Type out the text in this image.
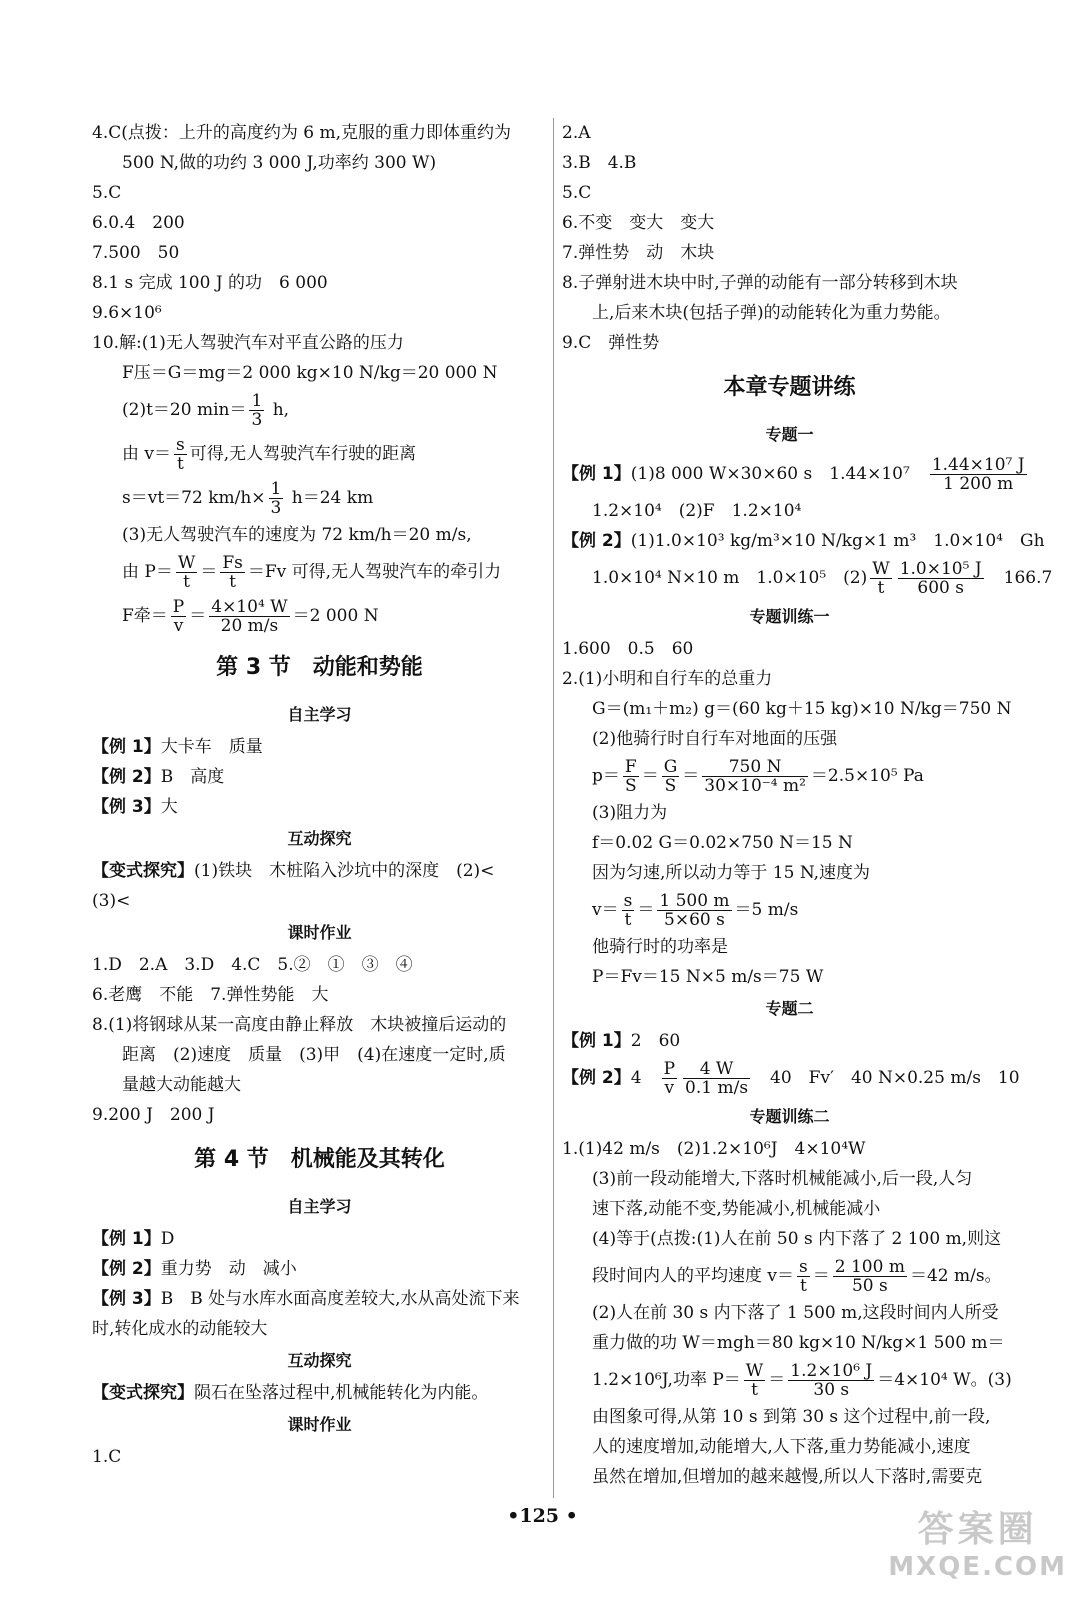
4.C(点拨：上升的高度约为 6 m,克服的重力即体重约为
500 N,做的功约 3 000 J,功率约 300 W)
5.C
6.0.4　200
7.500　50
8.1 s 完成 100 J 的功　6 000
9.6×10⁶
10.解:(1)无人驾驶汽车对平直公路的压力
F压＝G＝mg＝2 000 kg×10 N/kg＝20 000 N
(2)t＝20 $\min= \frac{1}{3} h$,
由 $v= \frac{s}{t}$ 可得,无人驾驶汽车行驶的距离
s＝vt＝72 $km/h\times \frac{1}{3} h=24$ km
(3)无人驾驶汽车的速度为 72 km/h＝20 m/s,
由 $P= \frac{W}{t} = \frac{Fs}{t} =Fv$ 可得,无人驾驶汽车的牵引力
F牵＝ $\frac{P}{v} = \frac{\text{4×10⁴ W}}{20 m/s} =2$ 000 N
第 3 节　动能和势能
自主学习
【例 1】大卡车　质量
【例 2】B　高度
【例 3】大
互动探究
【变式探究】(1)铁块　木桩陷入沙坑中的深度　(2)<
(3)<
课时作业
1.D　2.A　3.D　4.C　5.②　①　③　④
6.老鹰　不能　7.弹性势能　大
8.(1)将钢球从某一高度由静止释放　木块被撞后运动的
距离　(2)速度　质量　(3)甲　(4)在速度一定时,质
量越大动能越大
9.200 J　200 J
第 4 节　机械能及其转化
自主学习
【例 1】D
【例 2】重力势　动　减小
【例 3】B　B 处与水库水面高度差较大,水从高处流下来
时,转化成水的动能较大
互动探究
【变式探究】陨石在坠落过程中,机械能转化为内能。
课时作业
1.C
2.A
3.B　4.B
5.C
6.不变　变大　变大
7.弹性势　动　木块
8.子弹射进木块中时,子弹的动能有一部分转移到木块
上,后来木块(包括子弹)的动能转化为重力势能。
9.C　弹性势
本章专题讲练
专题一
【例 1】(1)8 000 W×30×60 s　1.44×10⁷　 $\frac{\text{1.44×10⁷ J}}{1 200 m}$
1.2×10⁴　(2)F　1.2×10⁴
【例 2】(1)1.0×10³ kg/m³×10 N/kg×1 m³　1.0×10⁴　Gh
1.0×10⁴ N×10 m　1.0×10⁵　$(2) \frac{W}{t} \frac{\text{1.0×10⁵ J}}{600 s}$ 　166.7
专题训练一
1.600　0.5　60
2.(1)小明和自行车的总重力
G＝(m₁＋m₂) g＝(60 kg＋15 kg)×10 N/kg＝750 N
(2)他骑行时自行车对地面的压强
$p= \frac{F}{S} = \frac{G}{S} = \frac{750 N}{\text{30×10⁻⁴ m²}} =2.5\times 10^5$ Pa
(3)阻力为
f＝0.02 G＝0.02×750 N＝15 N
因为匀速,所以动力等于 15 N,速度为
$v= \frac{s}{t} = \frac{1 500 m}{5\times 60 s} =5$ m/s
他骑行时的功率是
P＝Fv＝15 N×5 m/s＝75 W
专题二
【例 1】2　60
【例 2】4　 $\frac{P}{v} \frac{4 W}{0.1 m/s}$ 　40　Fv′　40 N×0.25 m/s　10
专题训练二
1.(1)42 m/s　(2)1.2×10⁶J　4×10⁴W
(3)前一段动能增大,下落时机械能减小,后一段,人匀
速下落,动能不变,势能减小,机械能减小
(4)等于(点拨:(1)人在前 50 s 内下落了 2 100 m,则这
段时间内人的平均速度 $v= \frac{s}{t} = \frac{2 100 m}{50 s} =42$ m/s。
(2)人在前 30 s 内下落了 1 500 m,这段时间内人所受
重力做的功 W＝mgh＝80 kg×10 N/kg×1 500 m＝
1.2×10⁶J,功率 $P= \frac{W}{t} = \frac{\text{1.2×10⁶ J}}{30 s} =4\times 10^4$ W。(3)
由图象可得,从第 10 s 到第 30 s 这个过程中,前一段,
人的速度增加,动能增大,人下落,重力势能减小,速度
虽然在增加,但增加的越来越慢,所以人下落时,需要克
•125 •	答案圈
MXQE.COM
